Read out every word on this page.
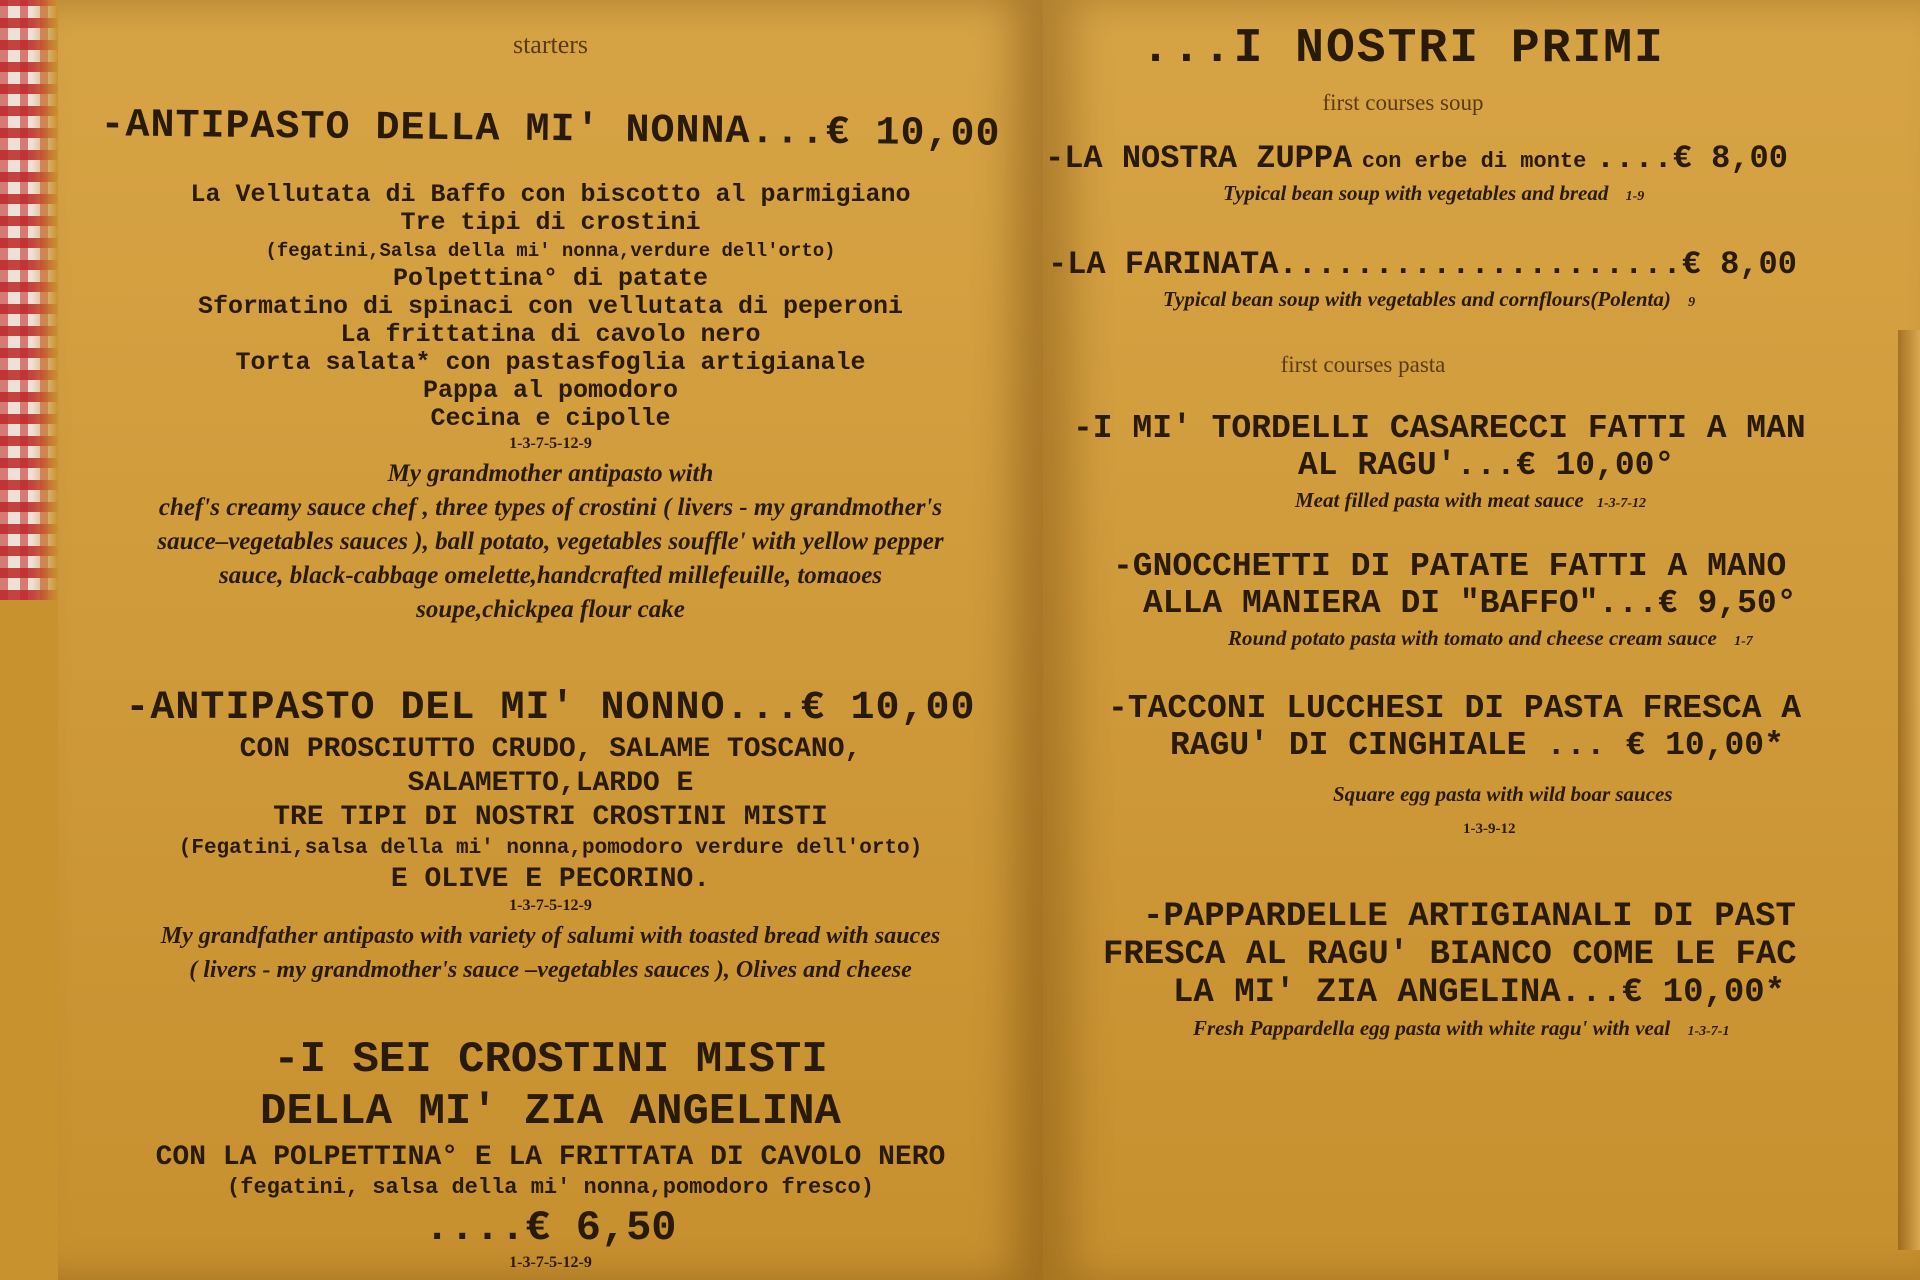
starters
-ANTIPASTO DELLA MI' NONNA...€ 10,00
La Vellutata di Baffo con biscotto al parmigiano
Tre tipi di crostini
(fegatini,Salsa della mi' nonna,verdure dell'orto)
Polpettina° di patate
Sformatino di spinaci con vellutata di peperoni
La frittatina di cavolo nero
Torta salata* con pastasfoglia artigianale
Pappa al pomodoro
Cecina e cipolle
1-3-7-5-12-9
My grandmother antipasto with
chef's creamy sauce chef , three types of crostini ( livers - my grandmother's
sauce–vegetables sauces ), ball potato, vegetables souffle' with yellow pepper
sauce, black-cabbage omelette,handcrafted millefeuille, tomaoes
soupe,chickpea flour cake
-ANTIPASTO DEL MI' NONNO...€ 10,00
CON PROSCIUTTO CRUDO, SALAME TOSCANO,
SALAMETTO,LARDO E
TRE TIPI DI NOSTRI CROSTINI MISTI
(Fegatini,salsa della mi' nonna,pomodoro verdure dell'orto)
E OLIVE E PECORINO.
1-3-7-5-12-9
My grandfather antipasto with variety of salumi with toasted bread with sauces
( livers - my grandmother's sauce –vegetables sauces ), Olives and cheese
-I SEI CROSTINI MISTI
DELLA MI' ZIA ANGELINA
CON LA POLPETTINA° E LA FRITTATA DI CAVOLO NERO
(fegatini, salsa della mi' nonna,pomodoro fresco)
....€ 6,50
1-3-7-5-12-9
...I NOSTRI PRIMI
first courses soup
-LA NOSTRA ZUPPA con erbe di monte ....€ 8,00
Typical bean soup with vegetables and bread 1-9
-LA FARINATA.....................€ 8,00
Typical bean soup with vegetables and cornflours(Polenta) 9
first courses pasta
-I MI' TORDELLI CASARECCI FATTI A MAN
AL RAGU'...€ 10,00°
Meat filled pasta with meat sauce 1-3-7-12
-GNOCCHETTI DI PATATE FATTI A MANO
ALLA MANIERA DI "BAFFO"...€ 9,50°
Round potato pasta with tomato and cheese cream sauce 1-7
-TACCONI LUCCHESI DI PASTA FRESCA A
RAGU' DI CINGHIALE ... € 10,00*
Square egg pasta with wild boar sauces
1-3-9-12
-PAPPARDELLE ARTIGIANALI DI PAST
FRESCA AL RAGU' BIANCO COME LE FAC
LA MI' ZIA ANGELINA...€ 10,00*
Fresh Pappardella egg pasta with white ragu' with veal 1-3-7-1
